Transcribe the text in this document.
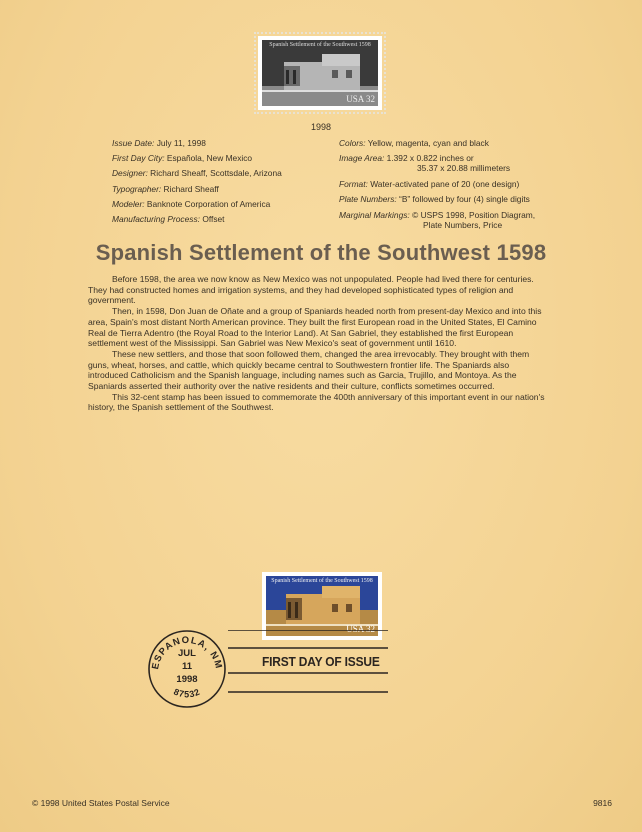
Spanish Settlement of the Southwest 1598
USA 32
1998
Issue Date: July 11, 1998
First Day City: Española, New Mexico
Designer: Richard Sheaff, Scottsdale, Arizona
Typographer: Richard Sheaff
Modeler: Banknote Corporation of America
Manufacturing Process: Offset
Colors: Yellow, magenta, cyan and black
Image Area: 1.392 x 0.822 inches or
35.37 x 20.88 millimeters
Format: Water-activated pane of 20 (one design)
Plate Numbers: “B” followed by four (4) single digits
Marginal Markings: © USPS 1998, Position Diagram,
Plate Numbers, Price
Spanish Settlement of the Southwest 1598

Before 1598, the area we now know as New Mexico was not unpopulated. People had lived there for centuries. They had constructed homes and irrigation systems, and they had developed sophisticated types of religion and government.

Then, in 1598, Don Juan de Oñate and a group of Spaniards headed north from present-day Mexico and into this area, Spain's most distant North American province. They built the first European road in the United States, El Camino Real de Tierra Adentro (the Royal Road to the Interior Land). At San Gabriel, they established the first European settlement west of the Mississippi. San Gabriel was New Mexico's seat of government until 1610.

These new settlers, and those that soon followed them, changed the area irrevocably. They brought with them guns, wheat, horses, and cattle, which quickly became central to Southwestern frontier life. The Spaniards also introduced Catholicism and the Spanish language, including names such as Garcia, Trujillo, and Montoya. As the Spaniards asserted their authority over the native residents and their culture, conflicts sometimes occurred.

This 32-cent stamp has been issued to commemorate the 400th anniversary of this important event in our nation's history, the Spanish settlement of the Southwest.

Spanish Settlement of the Southwest 1598
USA 32
FIRST DAY OF ISSUE
ESPANOLA, NM
87532
JUL
11
1998
© 1998 United States Postal Service	9816
